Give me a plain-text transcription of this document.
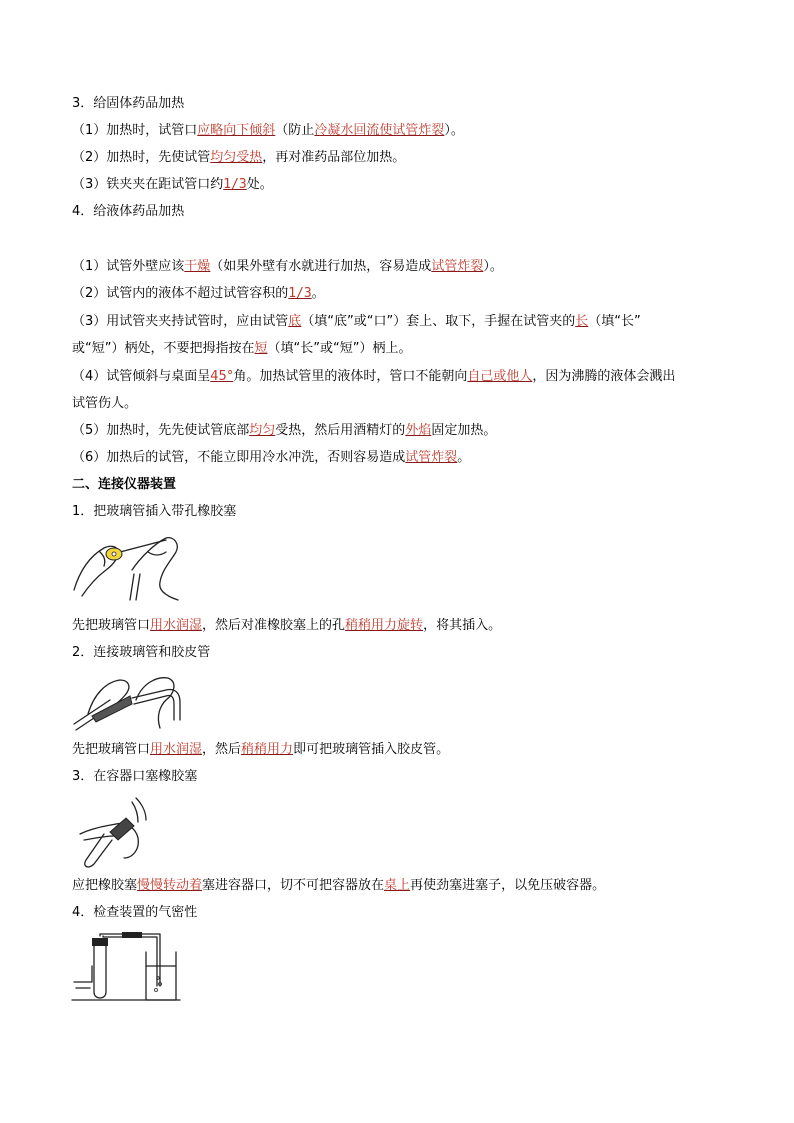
3．给固体药品加热
（1）加热时，试管口应略向下倾斜（防止冷凝水回流使试管炸裂）。
（2）加热时，先使试管均匀受热，再对准药品部位加热。
（3）铁夹夹在距试管口约1/3处。
4．给液体药品加热
（1）试管外壁应该干燥（如果外壁有水就进行加热，容易造成试管炸裂）。
（2）试管内的液体不超过试管容积的1/3。
（3）用试管夹夹持试管时，应由试管底（填“底”或“口”）套上、取下，手握在试管夹的长（填“长”
或“短”）柄处，不要把拇指按在短（填“长”或“短”）柄上。
（4）试管倾斜与桌面呈45°角。加热试管里的液体时，管口不能朝向自己或他人，因为沸腾的液体会溅出
试管伤人。
（5）加热时，先先使试管底部均匀受热，然后用酒精灯的外焰固定加热。
（6）加热后的试管，不能立即用冷水冲洗，否则容易造成试管炸裂。
二、连接仪器装置
1．把玻璃管插入带孔橡胶塞
先把玻璃管口用水润湿，然后对准橡胶塞上的孔稍稍用力旋转，将其插入。
2．连接玻璃管和胶皮管
先把玻璃管口用水润湿，然后稍稍用力即可把玻璃管插入胶皮管。
3．在容器口塞橡胶塞
应把橡胶塞慢慢转动着塞进容器口，切不可把容器放在桌上再使劲塞进塞子，以免压破容器。
4．检查装置的气密性
